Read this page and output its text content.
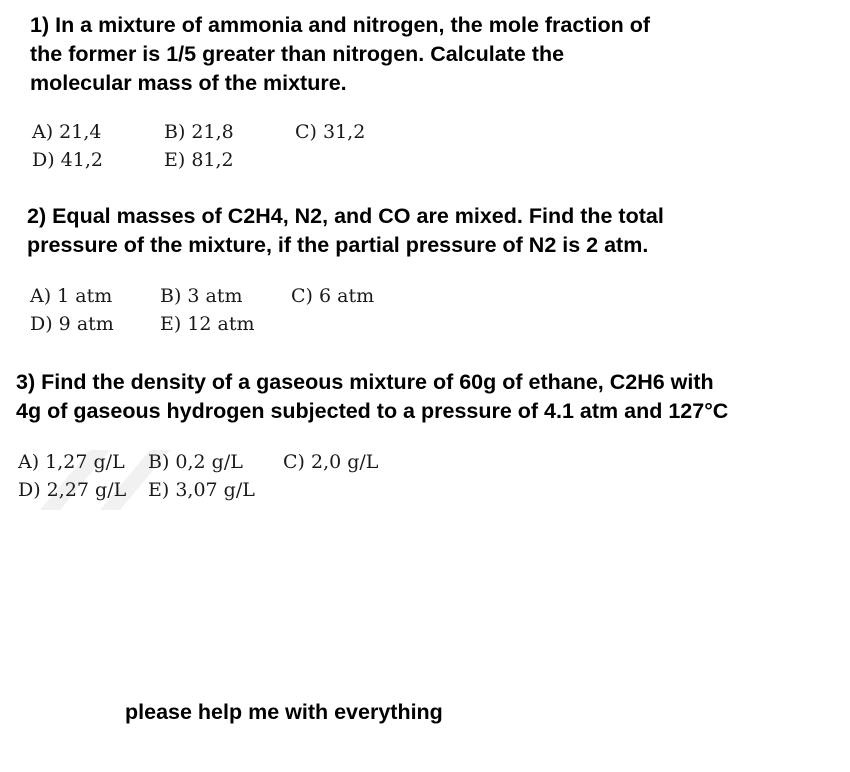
1) In a mixture of ammonia and nitrogen, the mole fraction of
the former is 1/5 greater than nitrogen. Calculate the
molecular mass of the mixture.
A) 21,4	B) 21,8	C) 31,2
D) 41,2	E) 81,2
2) Equal masses of C2H4, N2, and CO are mixed. Find the total
pressure of the mixture, if the partial pressure of N2 is 2 atm.
A) 1 atm	B) 3 atm	C) 6 atm
D) 9 atm E) 12 atm
3) Find the density of a gaseous mixture of 60g of ethane, C2H6 with
4g of gaseous hydrogen subjected to a pressure of 4.1 atm and 127°C
A) 1,27 g/L B) 0,2 g/L C) 2,0 g/L
D) 2,27 g/L E) 3,07 g/L
please help me with everything
